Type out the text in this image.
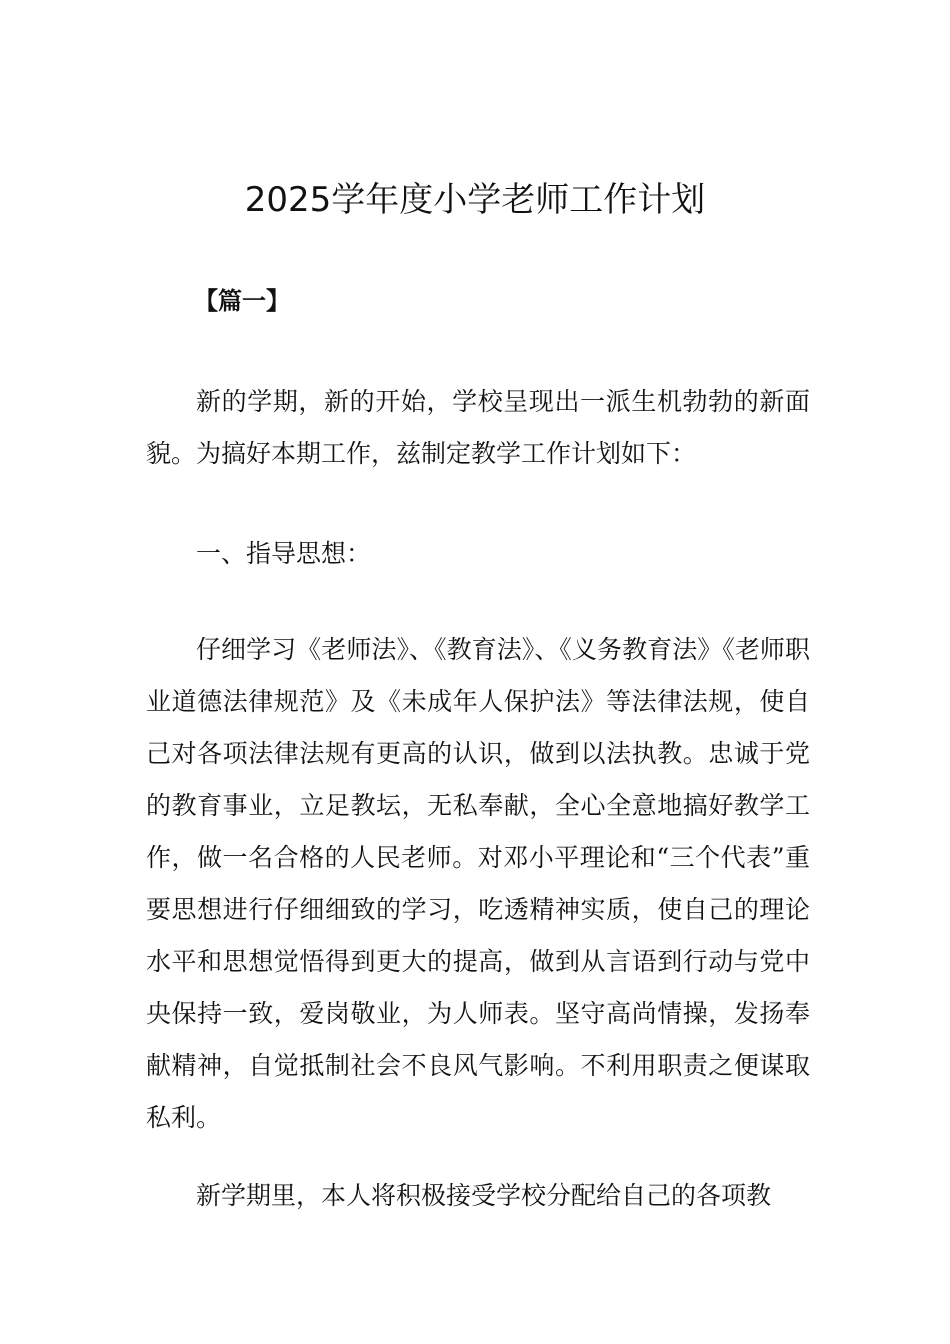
2025学年度小学老师工作计划
【篇一】

新的学期，新的开始，学校呈现出一派生机勃勃的新面貌。为搞好本期工作，兹制定教学工作计划如下：

一、指导思想：

仔细学习《老师法》、《教育法》、《义务教育法》《老师职业道德法律规范》及《未成年人保护法》等法律法规，使自己对各项法律法规有更高的认识，做到以法执教。忠诚于党的教育事业，立足教坛，无私奉献，全心全意地搞好教学工作，做一名合格的人民老师。对邓小平理论和“三个代表”重要思想进行仔细细致的学习，吃透精神实质，使自己的理论水平和思想觉悟得到更大的提高，做到从言语到行动与党中央保持一致，爱岗敬业，为人师表。坚守高尚情操，发扬奉献精神，自觉抵制社会不良风气影响。不利用职责之便谋取私利。

新学期里，本人将积极接受学校分配给自己的各项教
